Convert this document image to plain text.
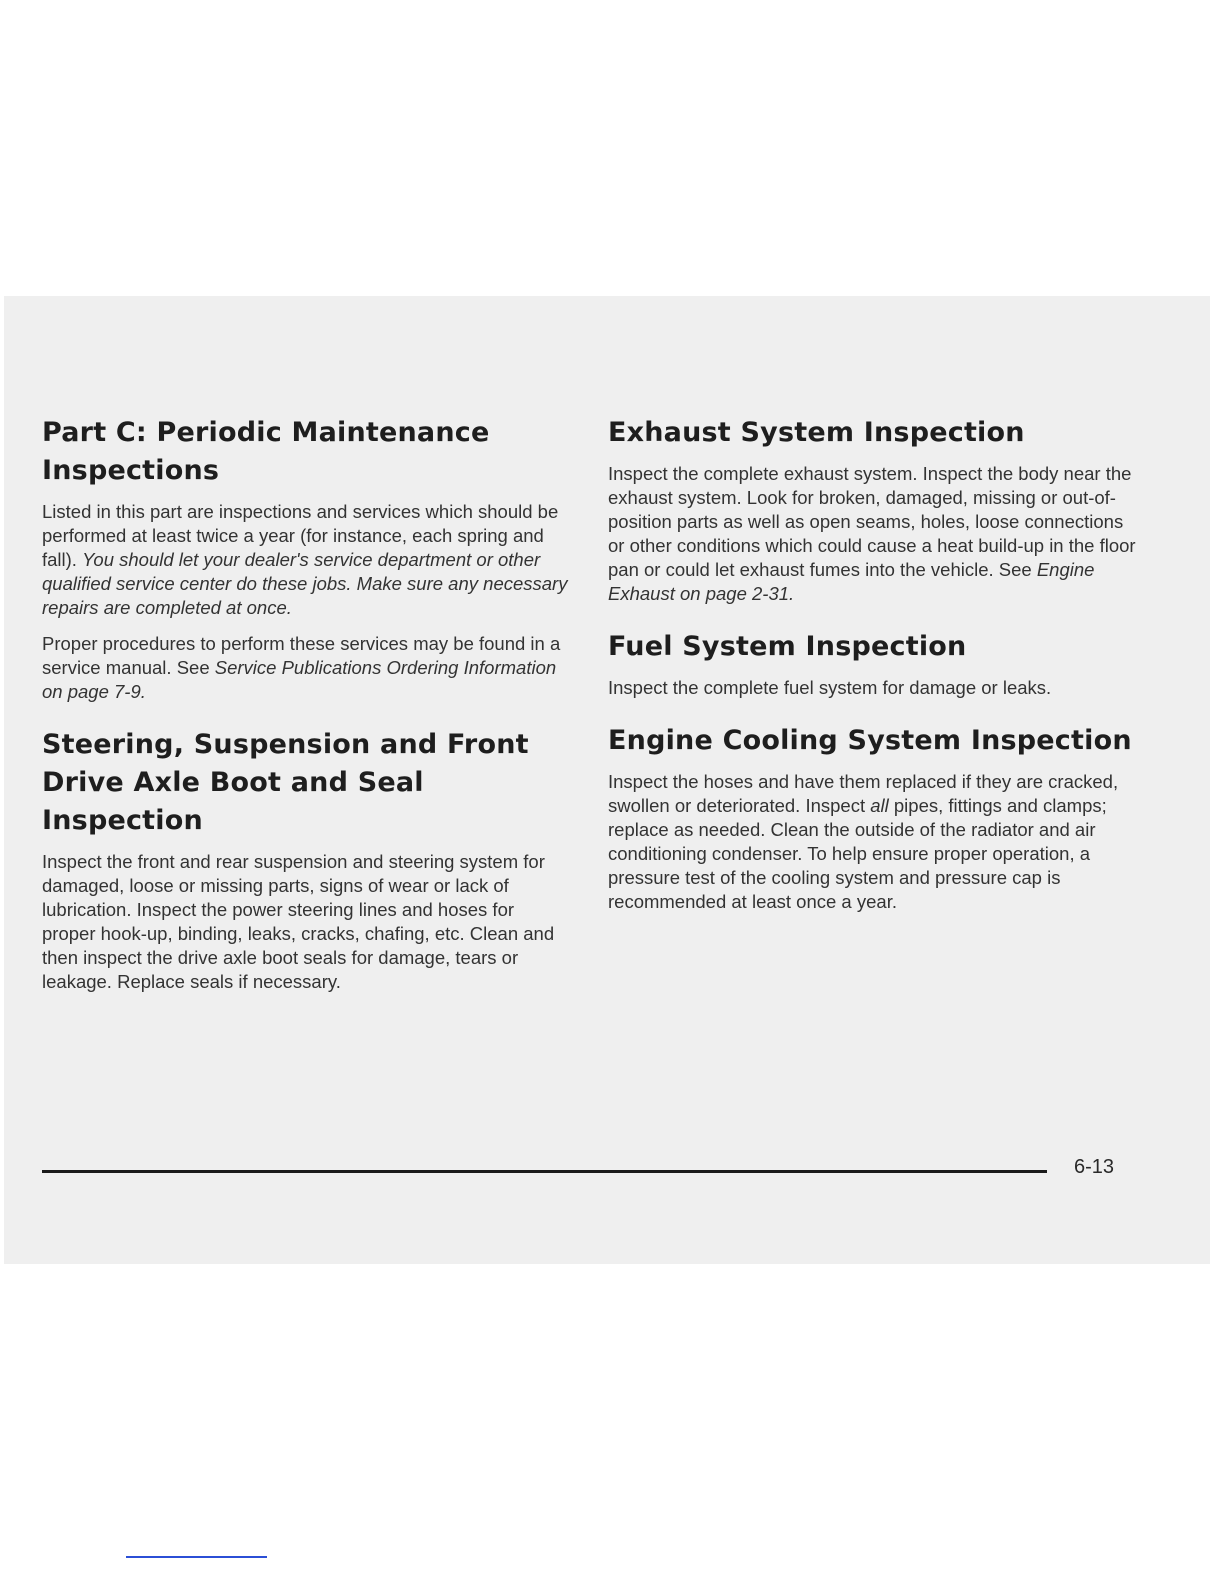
Part C: Periodic Maintenance Inspections

Listed in this part are inspections and services which should be performed at least twice a year (for instance, each spring and fall). You should let your dealer's service department or other qualified service center do these jobs. Make sure any necessary repairs are completed at once.

Proper procedures to perform these services may be found in a service manual. See Service Publications Ordering Information on page 7-9.

Steering, Suspension and Front Drive Axle Boot and Seal Inspection

Inspect the front and rear suspension and steering system for damaged, loose or missing parts, signs of wear or lack of lubrication. Inspect the power steering lines and hoses for proper hook-up, binding, leaks, cracks, chafing, etc. Clean and then inspect the drive axle boot seals for damage, tears or leakage. Replace seals if necessary.

Exhaust System Inspection

Inspect the complete exhaust system. Inspect the body near the exhaust system. Look for broken, damaged, missing or out-of-position parts as well as open seams, holes, loose connections or other conditions which could cause a heat build-up in the floor pan or could let exhaust fumes into the vehicle. See Engine Exhaust on page 2-31.

Fuel System Inspection

Inspect the complete fuel system for damage or leaks.

Engine Cooling System Inspection

Inspect the hoses and have them replaced if they are cracked, swollen or deteriorated. Inspect all pipes, fittings and clamps; replace as needed. Clean the outside of the radiator and air conditioning condenser. To help ensure proper operation, a pressure test of the cooling system and pressure cap is recommended at least once a year.

6-13
